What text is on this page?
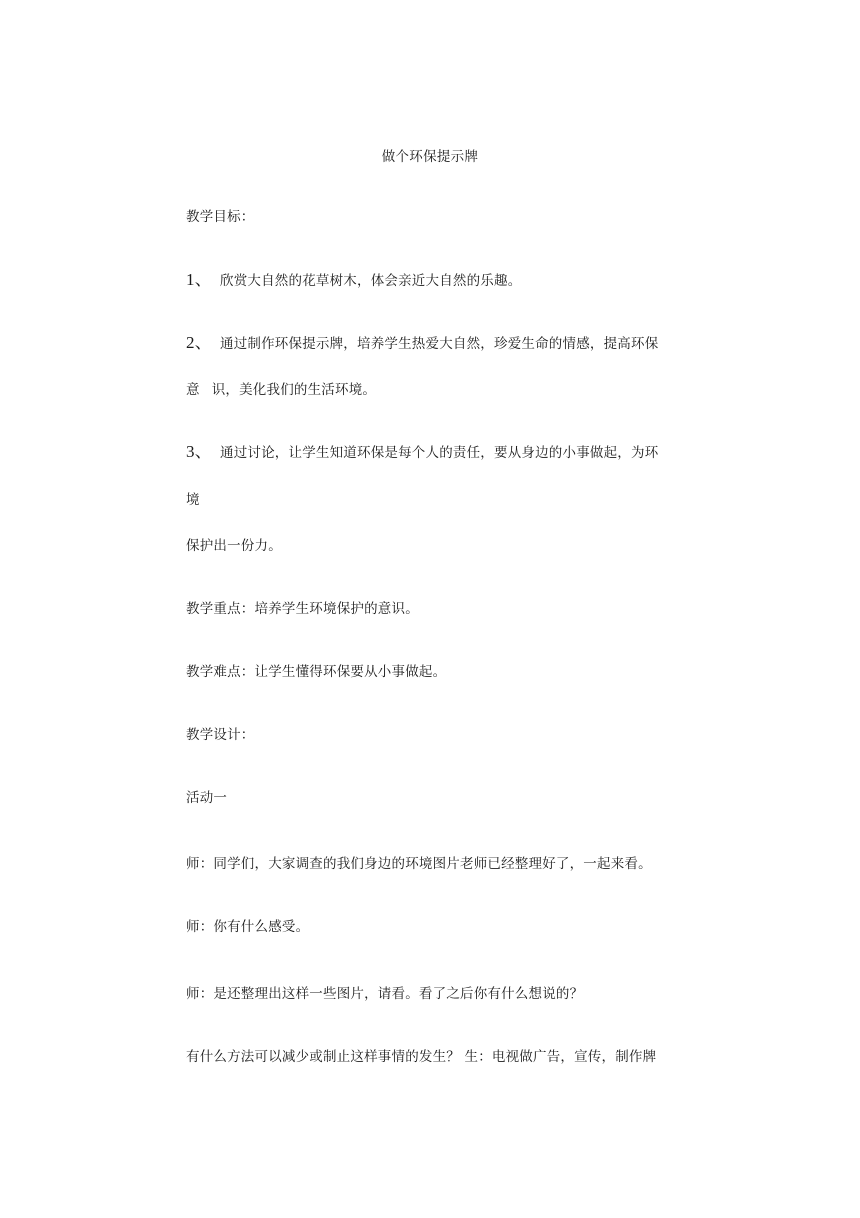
做个环保提示牌
教学目标：
1、 欣赏大自然的花草树木，体会亲近大自然的乐趣。
2、 通过制作环保提示牌，培养学生热爱大自然，珍爱生命的情感，提高环保
意 识，美化我们的生活环境。
3、 通过讨论，让学生知道环保是每个人的责任，要从身边的小事做起，为环
境
保护出一份力。
教学重点：培养学生环境保护的意识。
教学难点：让学生懂得环保要从小事做起。
教学设计：
活动一
师：同学们，大家调查的我们身边的环境图片老师已经整理好了，一起来看。
师：你有什么感受。
师：是还整理出这样一些图片，请看。看了之后你有什么想说的？
有什么方法可以减少或制止这样事情的发生？ 生：电视做广告，宣传，制作牌
